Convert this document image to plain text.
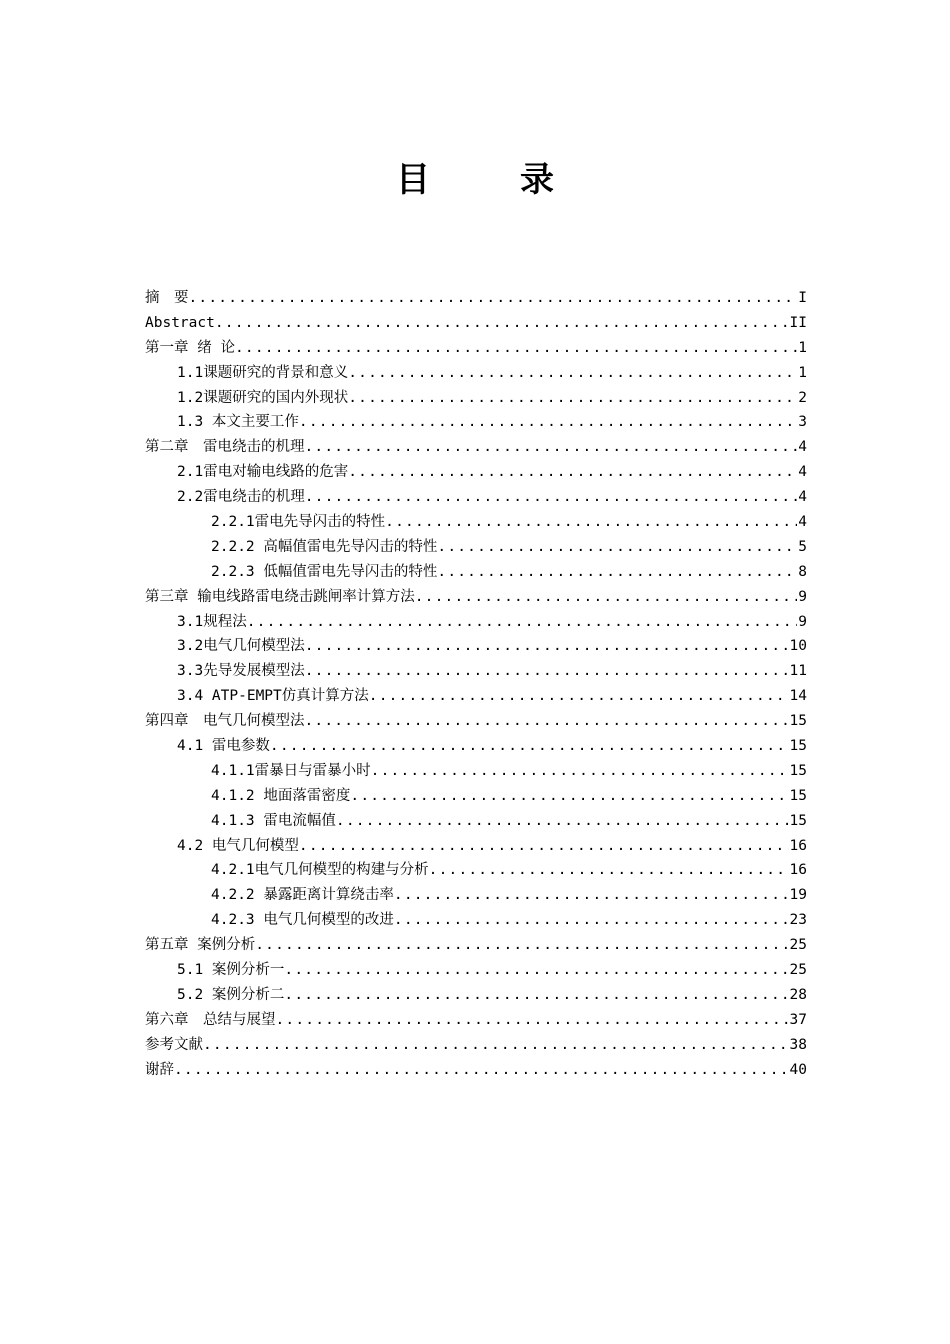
目　录
摘　要 .....	I
Abstract .....	II
第一章 绪 论 .....	1
1.1课题研究的背景和意义 .....	1
1.2课题研究的国内外现状 .....	2
1.3 本文主要工作 .....	3
第二章　雷电绕击的机理 .....	4
2.1雷电对输电线路的危害 .....	4
2.2雷电绕击的机理 .....	4
2.2.1雷电先导闪击的特性 .....	4
2.2.2 高幅值雷电先导闪击的特性 .....	5
2.2.3 低幅值雷电先导闪击的特性 .....	8
第三章 输电线路雷电绕击跳闸率计算方法 .....	9
3.1规程法 .....	9
3.2电气几何模型法 .....	10
3.3先导发展模型法 .....	11
3.4 ATP-EMPT仿真计算方法 .....	14
第四章　电气几何模型法 .....	15
4.1 雷电参数 .....	15
4.1.1雷暴日与雷暴小时 .....	15
4.1.2 地面落雷密度 .....	15
4.1.3 雷电流幅值 .....	15
4.2 电气几何模型 .....	16
4.2.1电气几何模型的构建与分析 .....	16
4.2.2 暴露距离计算绕击率 .....	19
4.2.3 电气几何模型的改进 .....	23
第五章 案例分析 .....	25
5.1 案例分析一 .....	25
5.2 案例分析二 .....	28
第六章　总结与展望 .....	37
参考文献 .....	38
谢辞 .....	40
